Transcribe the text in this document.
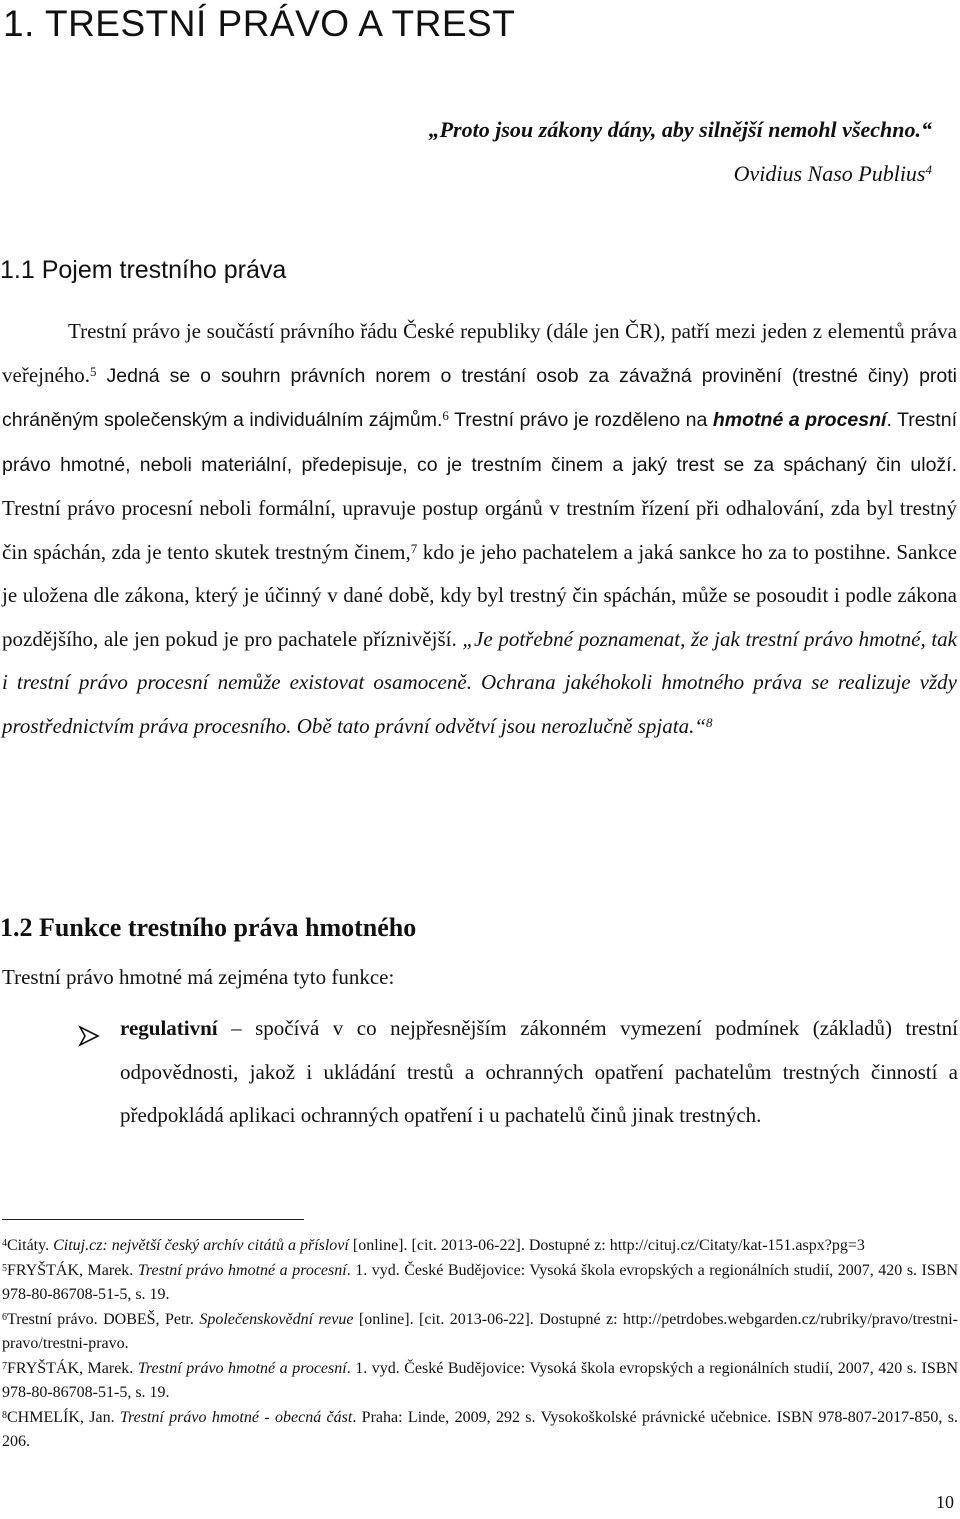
1. TRESTNÍ PRÁVO A TREST
„Proto jsou zákony dány, aby silnější nemohl všechno.“
Ovidius Naso Publius$^4$
1.1 Pojem trestního práva

Trestní právo je součástí právního řádu České republiky (dále jen ČR), patří mezi jeden z elementů práva veřejného.$^5$ Jedná se o souhrn právních norem o trestání osob za závažná provinění (trestné činy) proti chráněným společenským a individuálním zájmům.$^6$ Trestní právo je rozděleno na hmotné a procesní. Trestní právo hmotné, neboli materiální, předepisuje, co je trestním činem a jaký trest se za spáchaný čin uloží. Trestní právo procesní neboli formální, upravuje postup orgánů v trestním řízení při odhalování, zda byl trestný čin spáchán, zda je tento skutek trestným činem,$^7$ kdo je jeho pachatelem a jaká sankce ho za to postihne. Sankce je uložena dle zákona, který je účinný v dané době, kdy byl trestný čin spáchán, může se posoudit i podle zákona pozdějšího, ale jen pokud je pro pachatele příznivější. „Je potřebné poznamenat, že jak trestní právo hmotné, tak i trestní právo procesní nemůže existovat osamoceně. Ochrana jakéhokoli hmotného práva se realizuje vždy prostřednictvím práva procesního. Obě tato právní odvětví jsou nerozlučně spjata.“$^8$

1.2 Funkce trestního práva hmotného

Trestní právo hmotné má zejména tyto funkce:

regulativní – spočívá v co nejpřesnějším zákonném vymezení podmínek (základů) trestní odpovědnosti, jakož i ukládání trestů a ochranných opatření pachatelům trestných činností a předpokládá aplikaci ochranných opatření i u pachatelů činů jinak trestných.

$^4$Citáty. Cituj.cz: největší český archív citátů a přísloví [online]. [cit. 2013-06-22]. Dostupné z: http://cituj.cz/Citaty/kat-151.aspx?pg=3

$^5$FRYŠTÁK, Marek. Trestní právo hmotné a procesní. 1. vyd. České Budějovice: Vysoká škola evropských a regionálních studií, 2007, 420 s. ISBN 978-80-86708-51-5, s. 19.

$^6$Trestní právo. DOBEŠ, Petr. Společenskovědní revue [online]. [cit. 2013-06-22]. Dostupné z: http://petrdobes.webgarden.cz/rubriky/pravo/trestni-pravo/trestni-pravo.

$^7$FRYŠTÁK, Marek. Trestní právo hmotné a procesní. 1. vyd. České Budějovice: Vysoká škola evropských a regionálních studií, 2007, 420 s. ISBN 978-80-86708-51-5, s. 19.

$^8$CHMELÍK, Jan. Trestní právo hmotné - obecná část. Praha: Linde, 2009, 292 s. Vysokoškolské právnické učebnice. ISBN 978-807-2017-850, s. 206.

10
